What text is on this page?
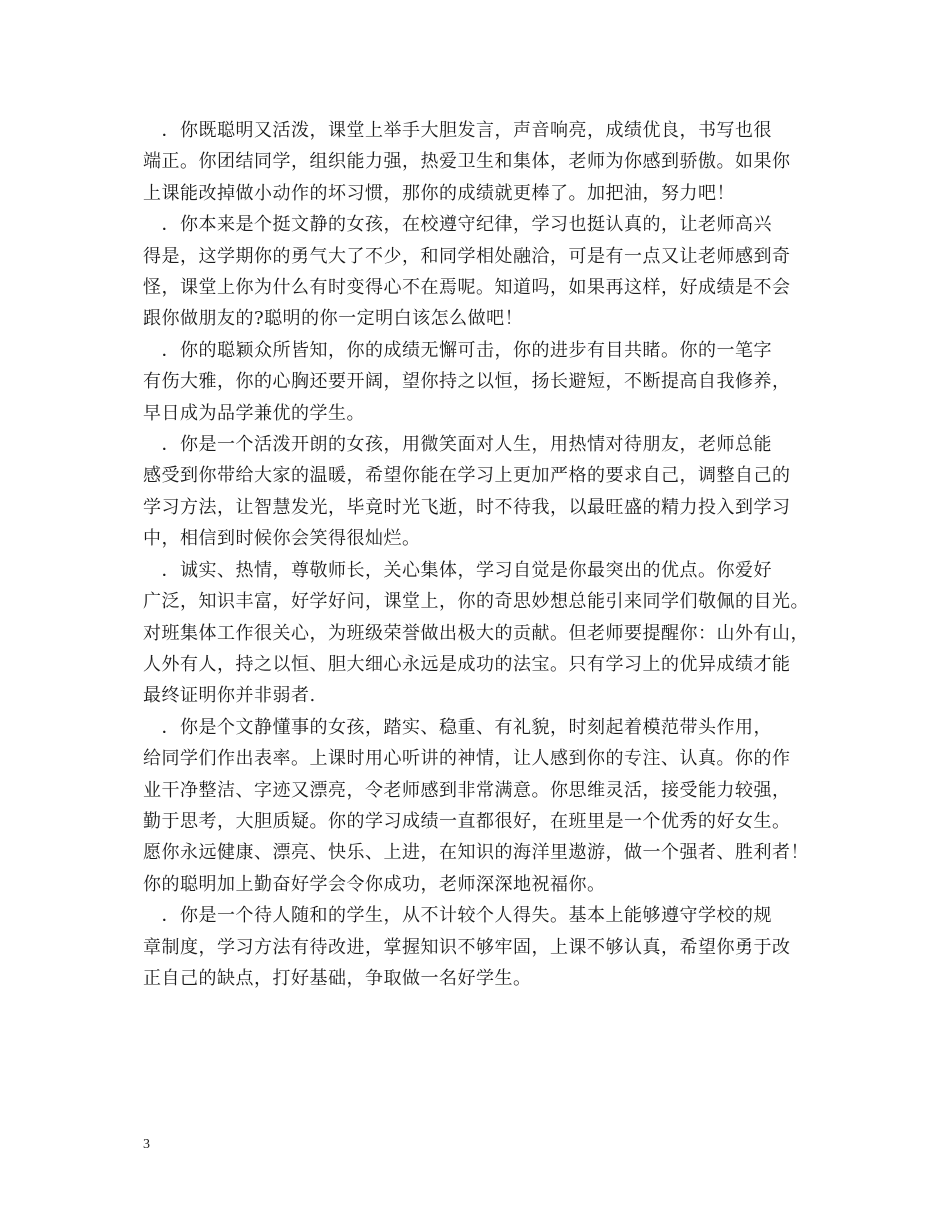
　．你既聪明又活泼，课堂上举手大胆发言，声音响亮，成绩优良，书写也很
端正。你团结同学，组织能力强，热爱卫生和集体，老师为你感到骄傲。如果你
上课能改掉做小动作的坏习惯，那你的成绩就更棒了。加把油，努力吧！

　．你本来是个挺文静的女孩，在校遵守纪律，学习也挺认真的，让老师高兴
得是，这学期你的勇气大了不少，和同学相处融洽，可是有一点又让老师感到奇
怪，课堂上你为什么有时变得心不在焉呢。知道吗，如果再这样，好成绩是不会
跟你做朋友的?聪明的你一定明白该怎么做吧！

　．你的聪颖众所皆知，你的成绩无懈可击，你的进步有目共睹。你的一笔字
有伤大雅，你的心胸还要开阔，望你持之以恒，扬长避短，不断提高自我修养，
早日成为品学兼优的学生。

　．你是一个活泼开朗的女孩，用微笑面对人生，用热情对待朋友，老师总能
感受到你带给大家的温暖，希望你能在学习上更加严格的要求自己，调整自己的
学习方法，让智慧发光，毕竟时光飞逝，时不待我，以最旺盛的精力投入到学习
中，相信到时候你会笑得很灿烂。

　．诚实、热情，尊敬师长，关心集体，学习自觉是你最突出的优点。你爱好
广泛，知识丰富，好学好问，课堂上，你的奇思妙想总能引来同学们敬佩的目光。
对班集体工作很关心，为班级荣誉做出极大的贡献。但老师要提醒你：山外有山，
人外有人，持之以恒、胆大细心永远是成功的法宝。只有学习上的优异成绩才能
最终证明你并非弱者.

　．你是个文静懂事的女孩，踏实、稳重、有礼貌，时刻起着模范带头作用，
给同学们作出表率。上课时用心听讲的神情，让人感到你的专注、认真。你的作
业干净整洁、字迹又漂亮，令老师感到非常满意。你思维灵活，接受能力较强，
勤于思考，大胆质疑。你的学习成绩一直都很好，在班里是一个优秀的好女生。
愿你永远健康、漂亮、快乐、上进，在知识的海洋里遨游，做一个强者、胜利者！
你的聪明加上勤奋好学会令你成功，老师深深地祝福你。

　．你是一个待人随和的学生，从不计较个人得失。基本上能够遵守学校的规
章制度，学习方法有待改进，掌握知识不够牢固，上课不够认真，希望你勇于改
正自己的缺点，打好基础，争取做一名好学生。

3
